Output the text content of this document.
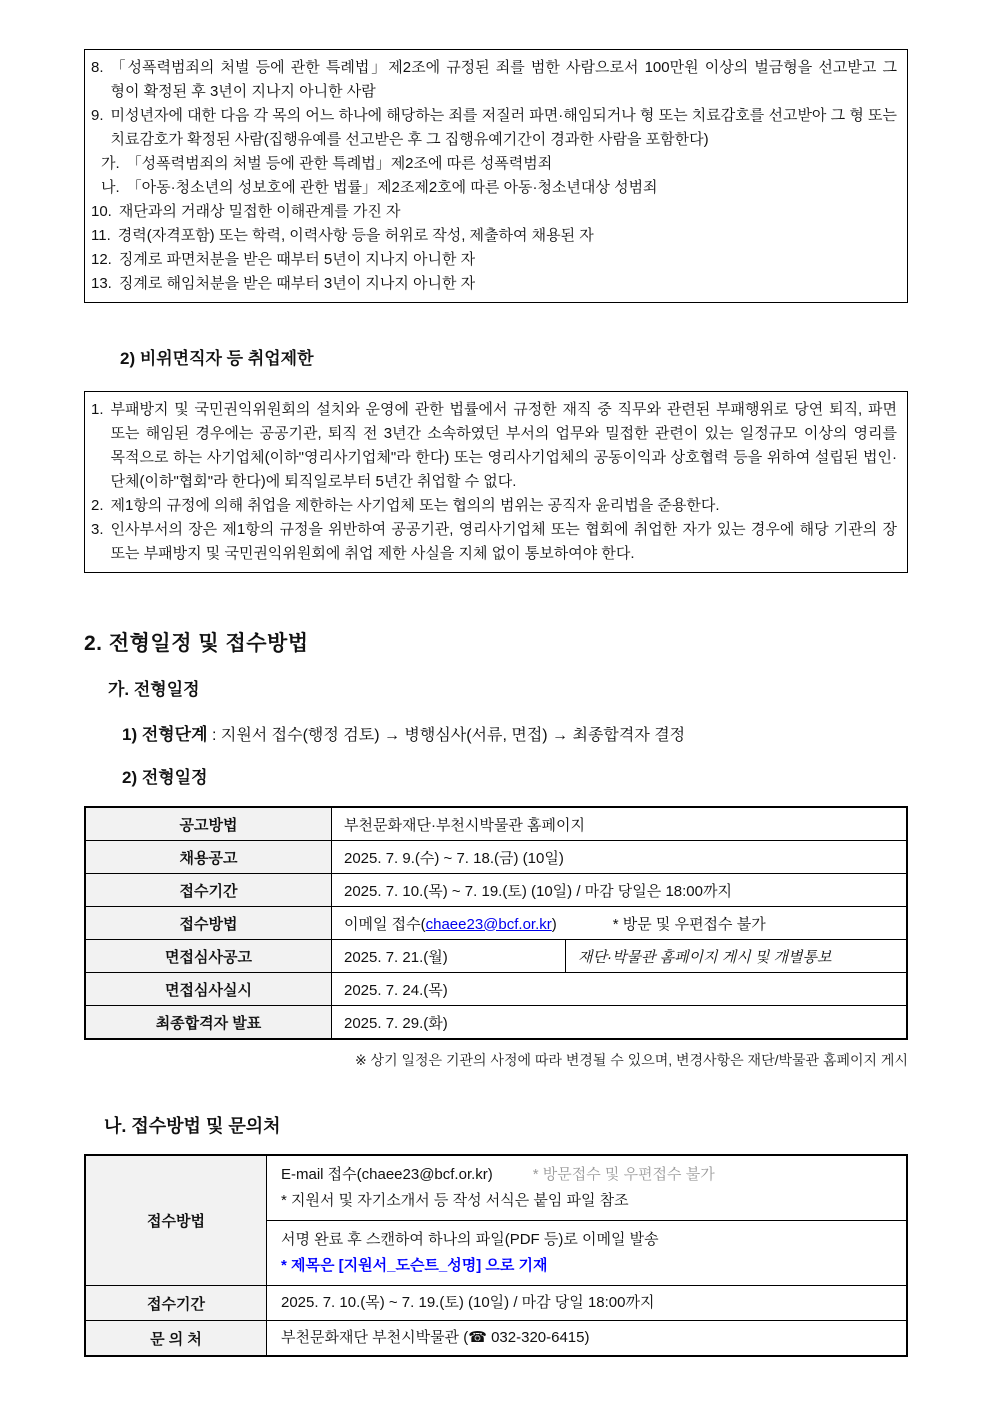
8. 「성폭력범죄의 처벌 등에 관한 특례법」제2조에 규정된 죄를 범한 사람으로서 100만원 이상의 벌금형을 선고받고 그 형이 확정된 후 3년이 지나지 아니한 사람
9. 미성년자에 대한 다음 각 목의 어느 하나에 해당하는 죄를 저질러 파면·해임되거나 형 또는 치료감호를 선고받아 그 형 또는 치료감호가 확정된 사람(집행유예를 선고받은 후 그 집행유예기간이 경과한 사람을 포함한다)
가. 「성폭력범죄의 처벌 등에 관한 특례법」제2조에 따른 성폭력범죄
나. 「아동·청소년의 성보호에 관한 법률」제2조제2호에 따른 아동·청소년대상 성범죄
10. 재단과의 거래상 밀접한 이해관계를 가진 자
11. 경력(자격포함) 또는 학력, 이력사항 등을 허위로 작성, 제출하여 채용된 자
12. 징계로 파면처분을 받은 때부터 5년이 지나지 아니한 자
13. 징계로 해임처분을 받은 때부터 3년이 지나지 아니한 자
2) 비위면직자 등 취업제한
1. 부패방지 및 국민권익위원회의 설치와 운영에 관한 법률에서 규정한 재직 중 직무와 관련된 부패행위로 당연 퇴직, 파면 또는 해임된 경우에는 공공기관, 퇴직 전 3년간 소속하였던 부서의 업무와 밀접한 관련이 있는 일정규모 이상의 영리를 목적으로 하는 사기업체(이하"영리사기업체"라 한다) 또는 영리사기업체의 공동이익과 상호협력 등을 위하여 설립된 법인·단체(이하"협회"라 한다)에 퇴직일로부터 5년간 취업할 수 없다.
2. 제1항의 규정에 의해 취업을 제한하는 사기업체 또는 협의의 범위는 공직자 윤리법을 준용한다.
3. 인사부서의 장은 제1항의 규정을 위반하여 공공기관, 영리사기업체 또는 협회에 취업한 자가 있는 경우에 해당 기관의 장 또는 부패방지 및 국민권익위원회에 취업 제한 사실을 지체 없이 통보하여야 한다.
2. 전형일정 및 접수방법
가. 전형일정
1) 전형단계 : 지원서 접수(행정 검토) → 병행심사(서류, 면접) → 최종합격자 결정
2) 전형일정
공고방법	부천문화재단·부천시박물관 홈페이지	
채용공고	2025. 7. 9.(수) ~ 7. 18.(금) (10일)	
접수기간	2025. 7. 10.(목) ~ 7. 19.(토) (10일) / 마감 당일은 18:00까지	
접수방법	이메일 접수(chaee23@bcf.or.kr) * 방문 및 우편접수 불가	
면접심사공고	2025. 7. 21.(월)	재단·박물관 홈페이지 게시 및 개별통보
면접심사실시	2025. 7. 24.(목)	
최종합격자 발표	2025. 7. 29.(화)	
※ 상기 일정은 기관의 사정에 따라 변경될 수 있으며, 변경사항은 재단/박물관 홈페이지 게시
나. 접수방법 및 문의처
접수방법	E-mail 접수(chaee23@bcf.or.kr) * 방문접수 및 우편접수 불가
* 지원서 및 자기소개서 등 작성 서식은 붙임 파일 참조
	서명 완료 후 스캔하여 하나의 파일(PDF 등)로 이메일 발송
* 제목은 [지원서_도슨트_성명] 으로 기재
접수기간	2025. 7. 10.(목) ~ 7. 19.(토) (10일) / 마감 당일 18:00까지
문 의 처	부천문화재단 부천시박물관 (☎ 032-320-6415)
